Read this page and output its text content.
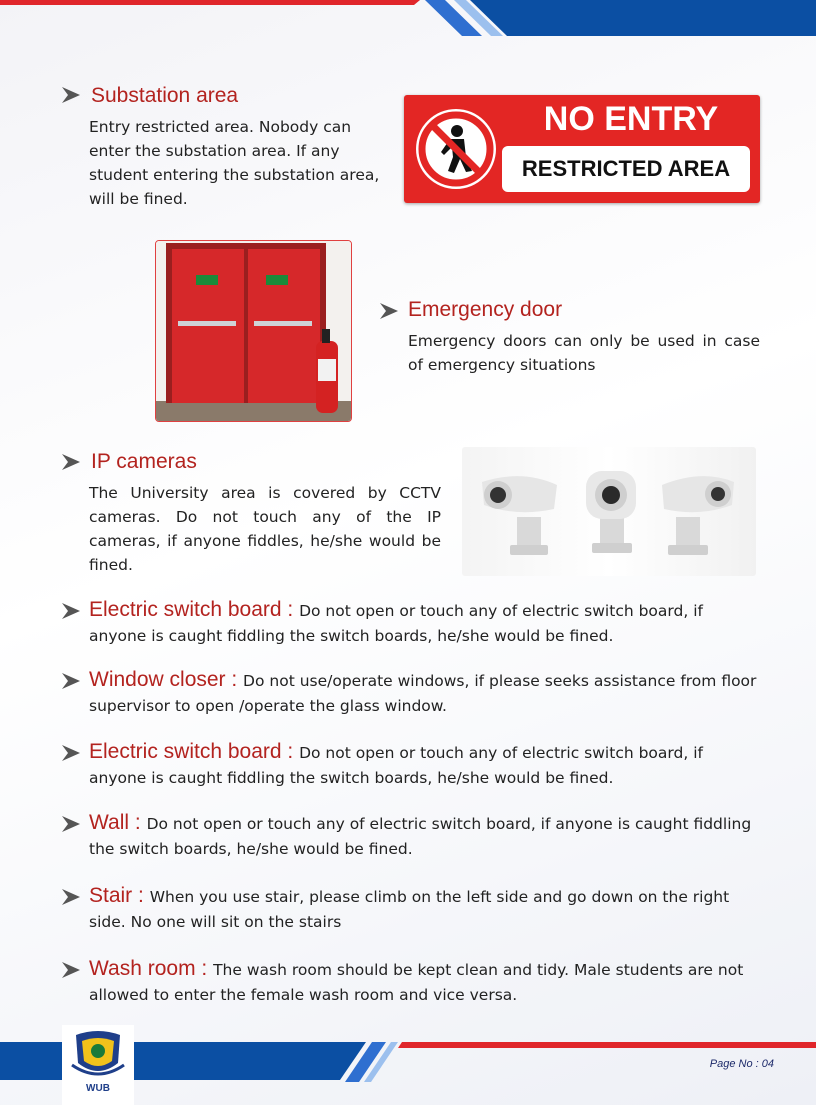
Substation area
Entry restricted area. Nobody can enter the substation area. If any student entering the substation area, will be fined.
NO ENTRY
RESTRICTED AREA
Emergency door
Emergency doors can only be used in case of emergency situations
IP cameras
The University area is covered by CCTV cameras. Do not touch any of the IP cameras, if anyone fiddles, he/she would be fined.
Electric switch board : Do not open or touch any of electric switch board, if anyone is caught fiddling the switch boards, he/she would be fined.
Window closer : Do not use/operate windows, if please seeks assistance from floor supervisor to open /operate the glass window.
Electric switch board : Do not open or touch any of electric switch board, if anyone is caught fiddling the switch boards, he/she would be fined.
Wall : Do not open or touch any of electric switch board, if anyone is caught fiddling the switch boards, he/she would be fined.
Stair : When you use stair, please climb on the left side and go down on the right side. No one will sit on the stairs
Wash room : The wash room should be kept clean and tidy. Male students are not allowed to enter the female wash room and vice versa.
WUB
Page No : 04
